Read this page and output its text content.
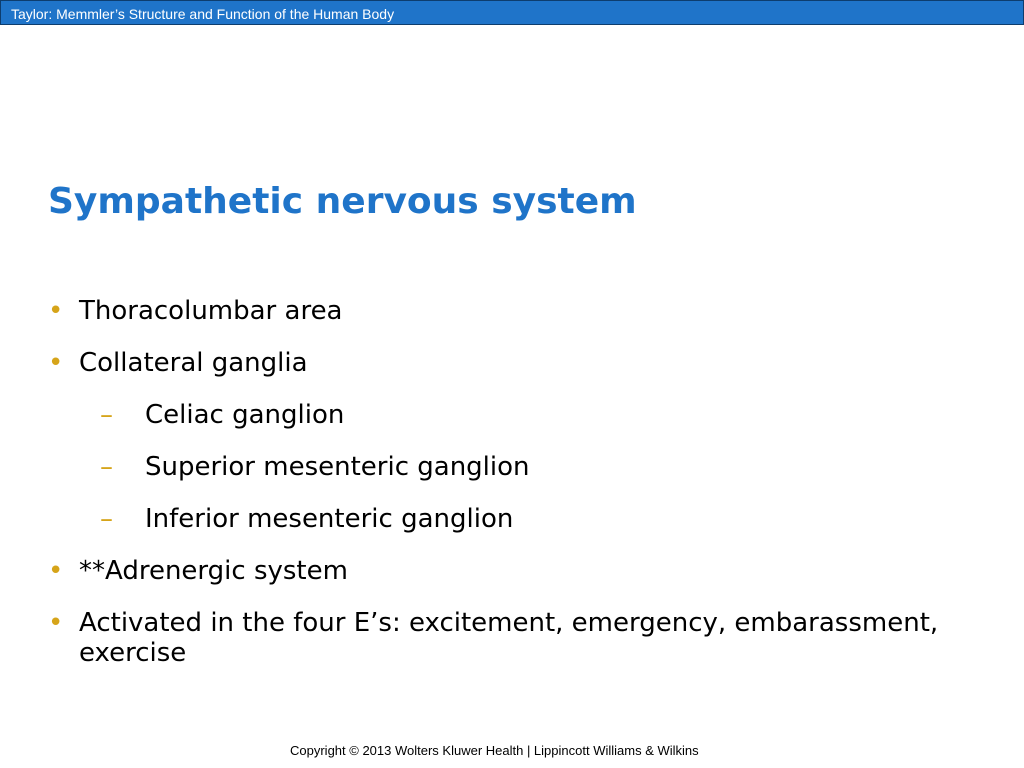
Taylor: Memmler’s Structure and Function of the Human Body
Sympathetic nervous system
• Thoracolumbar area
• Collateral ganglia
– Celiac ganglion
– Superior mesenteric ganglion
– Inferior mesenteric ganglion
• **Adrenergic system
• Activated in the four E’s: excitement, emergency, embarassment, exercise
Copyright © 2013 Wolters Kluwer Health | Lippincott Williams & Wilkins
